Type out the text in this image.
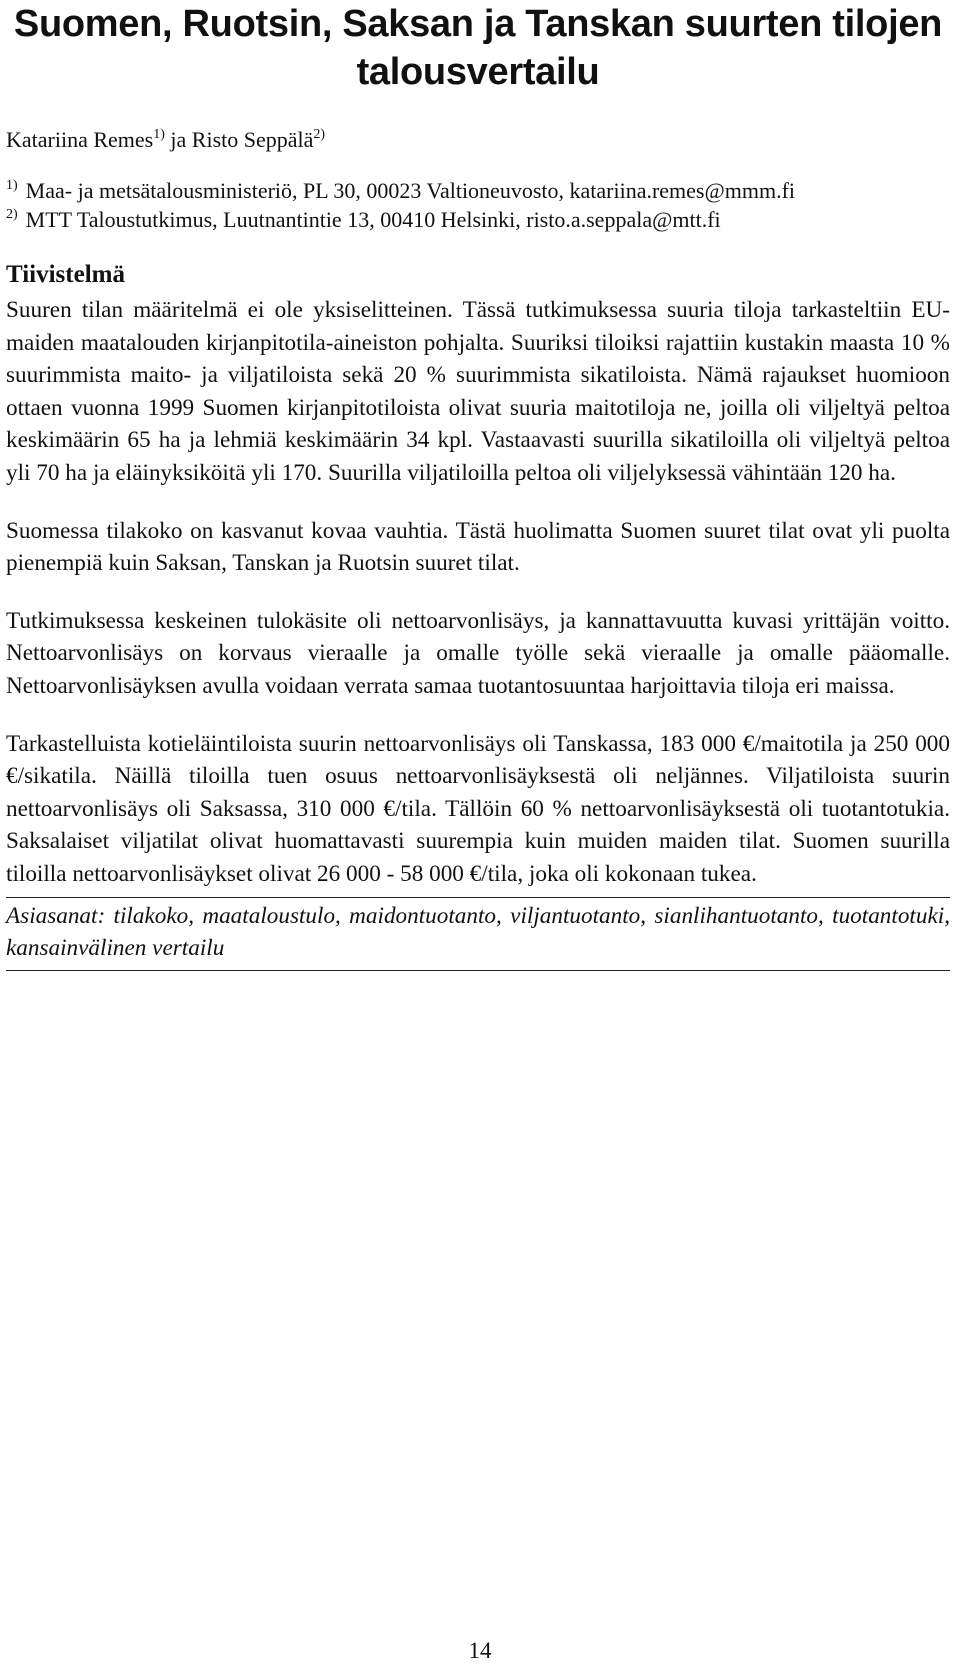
Suomen, Ruotsin, Saksan ja Tanskan suurten tilojen talousvertailu

Katariina Remes$^{1)}$ ja Risto Seppälä$^{2)}$

$^{1)}$ Maa- ja metsätalousministeriö, PL 30, 00023 Valtioneuvosto, katariina.remes@mmm.fi
$^{2)}$ MTT Taloustutkimus, Luutnantintie 13, 00410 Helsinki, risto.a.seppala@mtt.fi
Tiivistelmä

Suuren tilan määritelmä ei ole yksiselitteinen. Tässä tutkimuksessa suuria tiloja tarkasteltiin EU-maiden maatalouden kirjanpitotila-aineiston pohjalta. Suuriksi tiloiksi rajattiin kustakin maasta 10 % suurimmista maito- ja viljatiloista sekä 20 % suurimmista sikatiloista. Nämä rajaukset huomioon ottaen vuonna 1999 Suomen kirjanpitotiloista olivat suuria maitotiloja ne, joilla oli viljeltyä peltoa keskimäärin 65 ha ja lehmiä keskimäärin 34 kpl. Vastaavasti suurilla sikatiloilla oli viljeltyä peltoa yli 70 ha ja eläinyksiköitä yli 170. Suurilla viljatiloilla peltoa oli viljelyksessä vähintään 120 ha.

Suomessa tilakoko on kasvanut kovaa vauhtia. Tästä huolimatta Suomen suuret tilat ovat yli puolta pienempiä kuin Saksan, Tanskan ja Ruotsin suuret tilat.

Tutkimuksessa keskeinen tulokäsite oli nettoarvonlisäys, ja kannattavuutta kuvasi yrittäjän voitto. Nettoarvonlisäys on korvaus vieraalle ja omalle työlle sekä vieraalle ja omalle pääomalle. Nettoarvonlisäyksen avulla voidaan verrata samaa tuotantosuuntaa harjoittavia tiloja eri maissa.

Tarkastelluista kotieläintiloista suurin nettoarvonlisäys oli Tanskassa, 183 000 €/maitotila ja 250 000 €/sikatila. Näillä tiloilla tuen osuus nettoarvonlisäyksestä oli neljännes. Viljatiloista suurin nettoarvonlisäys oli Saksassa, 310 000 €/tila. Tällöin 60 % nettoarvonlisäyksestä oli tuotantotukia. Saksalaiset viljatilat olivat huomattavasti suurempia kuin muiden maiden tilat. Suomen suurilla tiloilla nettoarvonlisäykset olivat 26 000 - 58 000 €/tila, joka oli kokonaan tukea.

Asiasanat: tilakoko, maataloustulo, maidontuotanto, viljantuotanto, sianlihantuotanto, tuotantotuki, kansainvälinen vertailu

14
